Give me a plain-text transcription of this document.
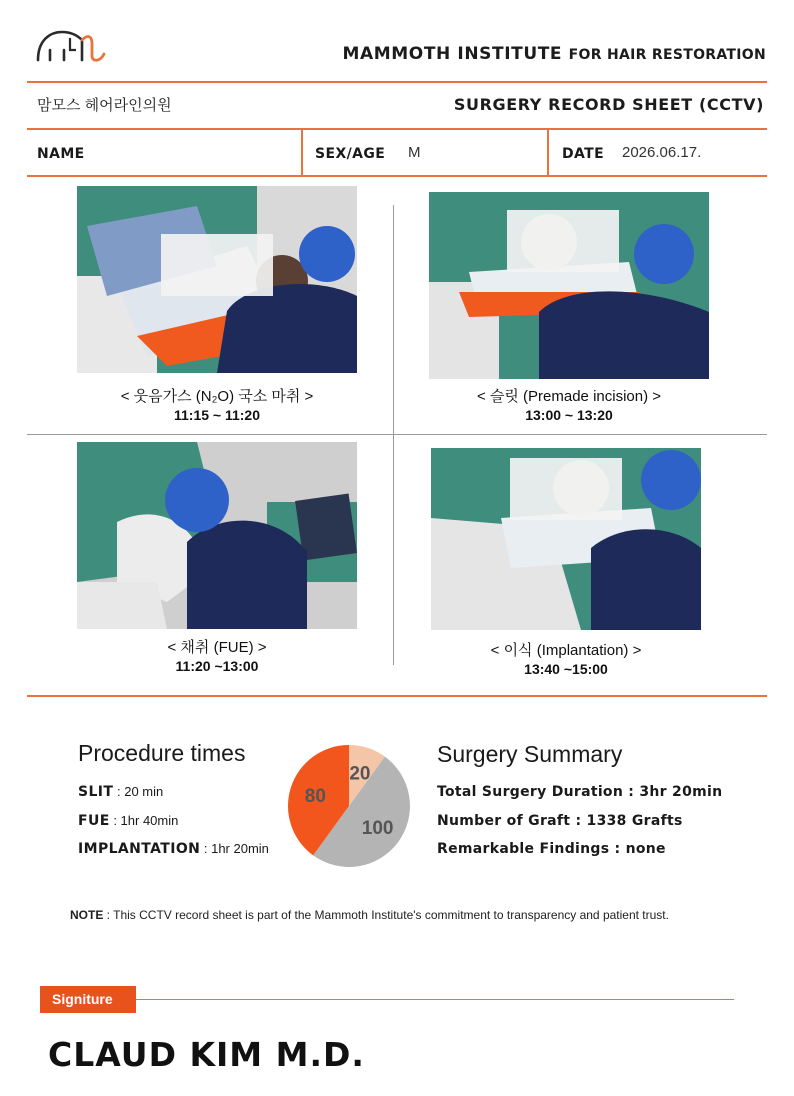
MAMMOTH INSTITUTE FOR HAIR RESTORATION
맘모스 헤어라인의원	SURGERY RECORD SHEET (CCTV)
NAME	SEX/AGE M	DATE 2026.06.17.
< 웃음가스 (N₂O) 국소 마취 >
11:15 ~ 11:20
< 슬릿 (Premade incision) >
13:00 ~ 13:20
< 채취 (FUE) >
11:20 ~13:00
< 이식 (Implantation) >
13:40 ~15:00
Procedure times
SLIT : 20 min
FUE : 1hr 40min
IMPLANTATION : 1hr 20min
20
100
80
Surgery Summary
Total Surgery Duration : 3hr 20min
Number of Graft : 1338 Grafts
Remarkable Findings : none
NOTE : This CCTV record sheet is part of the Mammoth Institute's commitment to transparency and patient trust.
Signiture
CLAUD KIM M.D.
